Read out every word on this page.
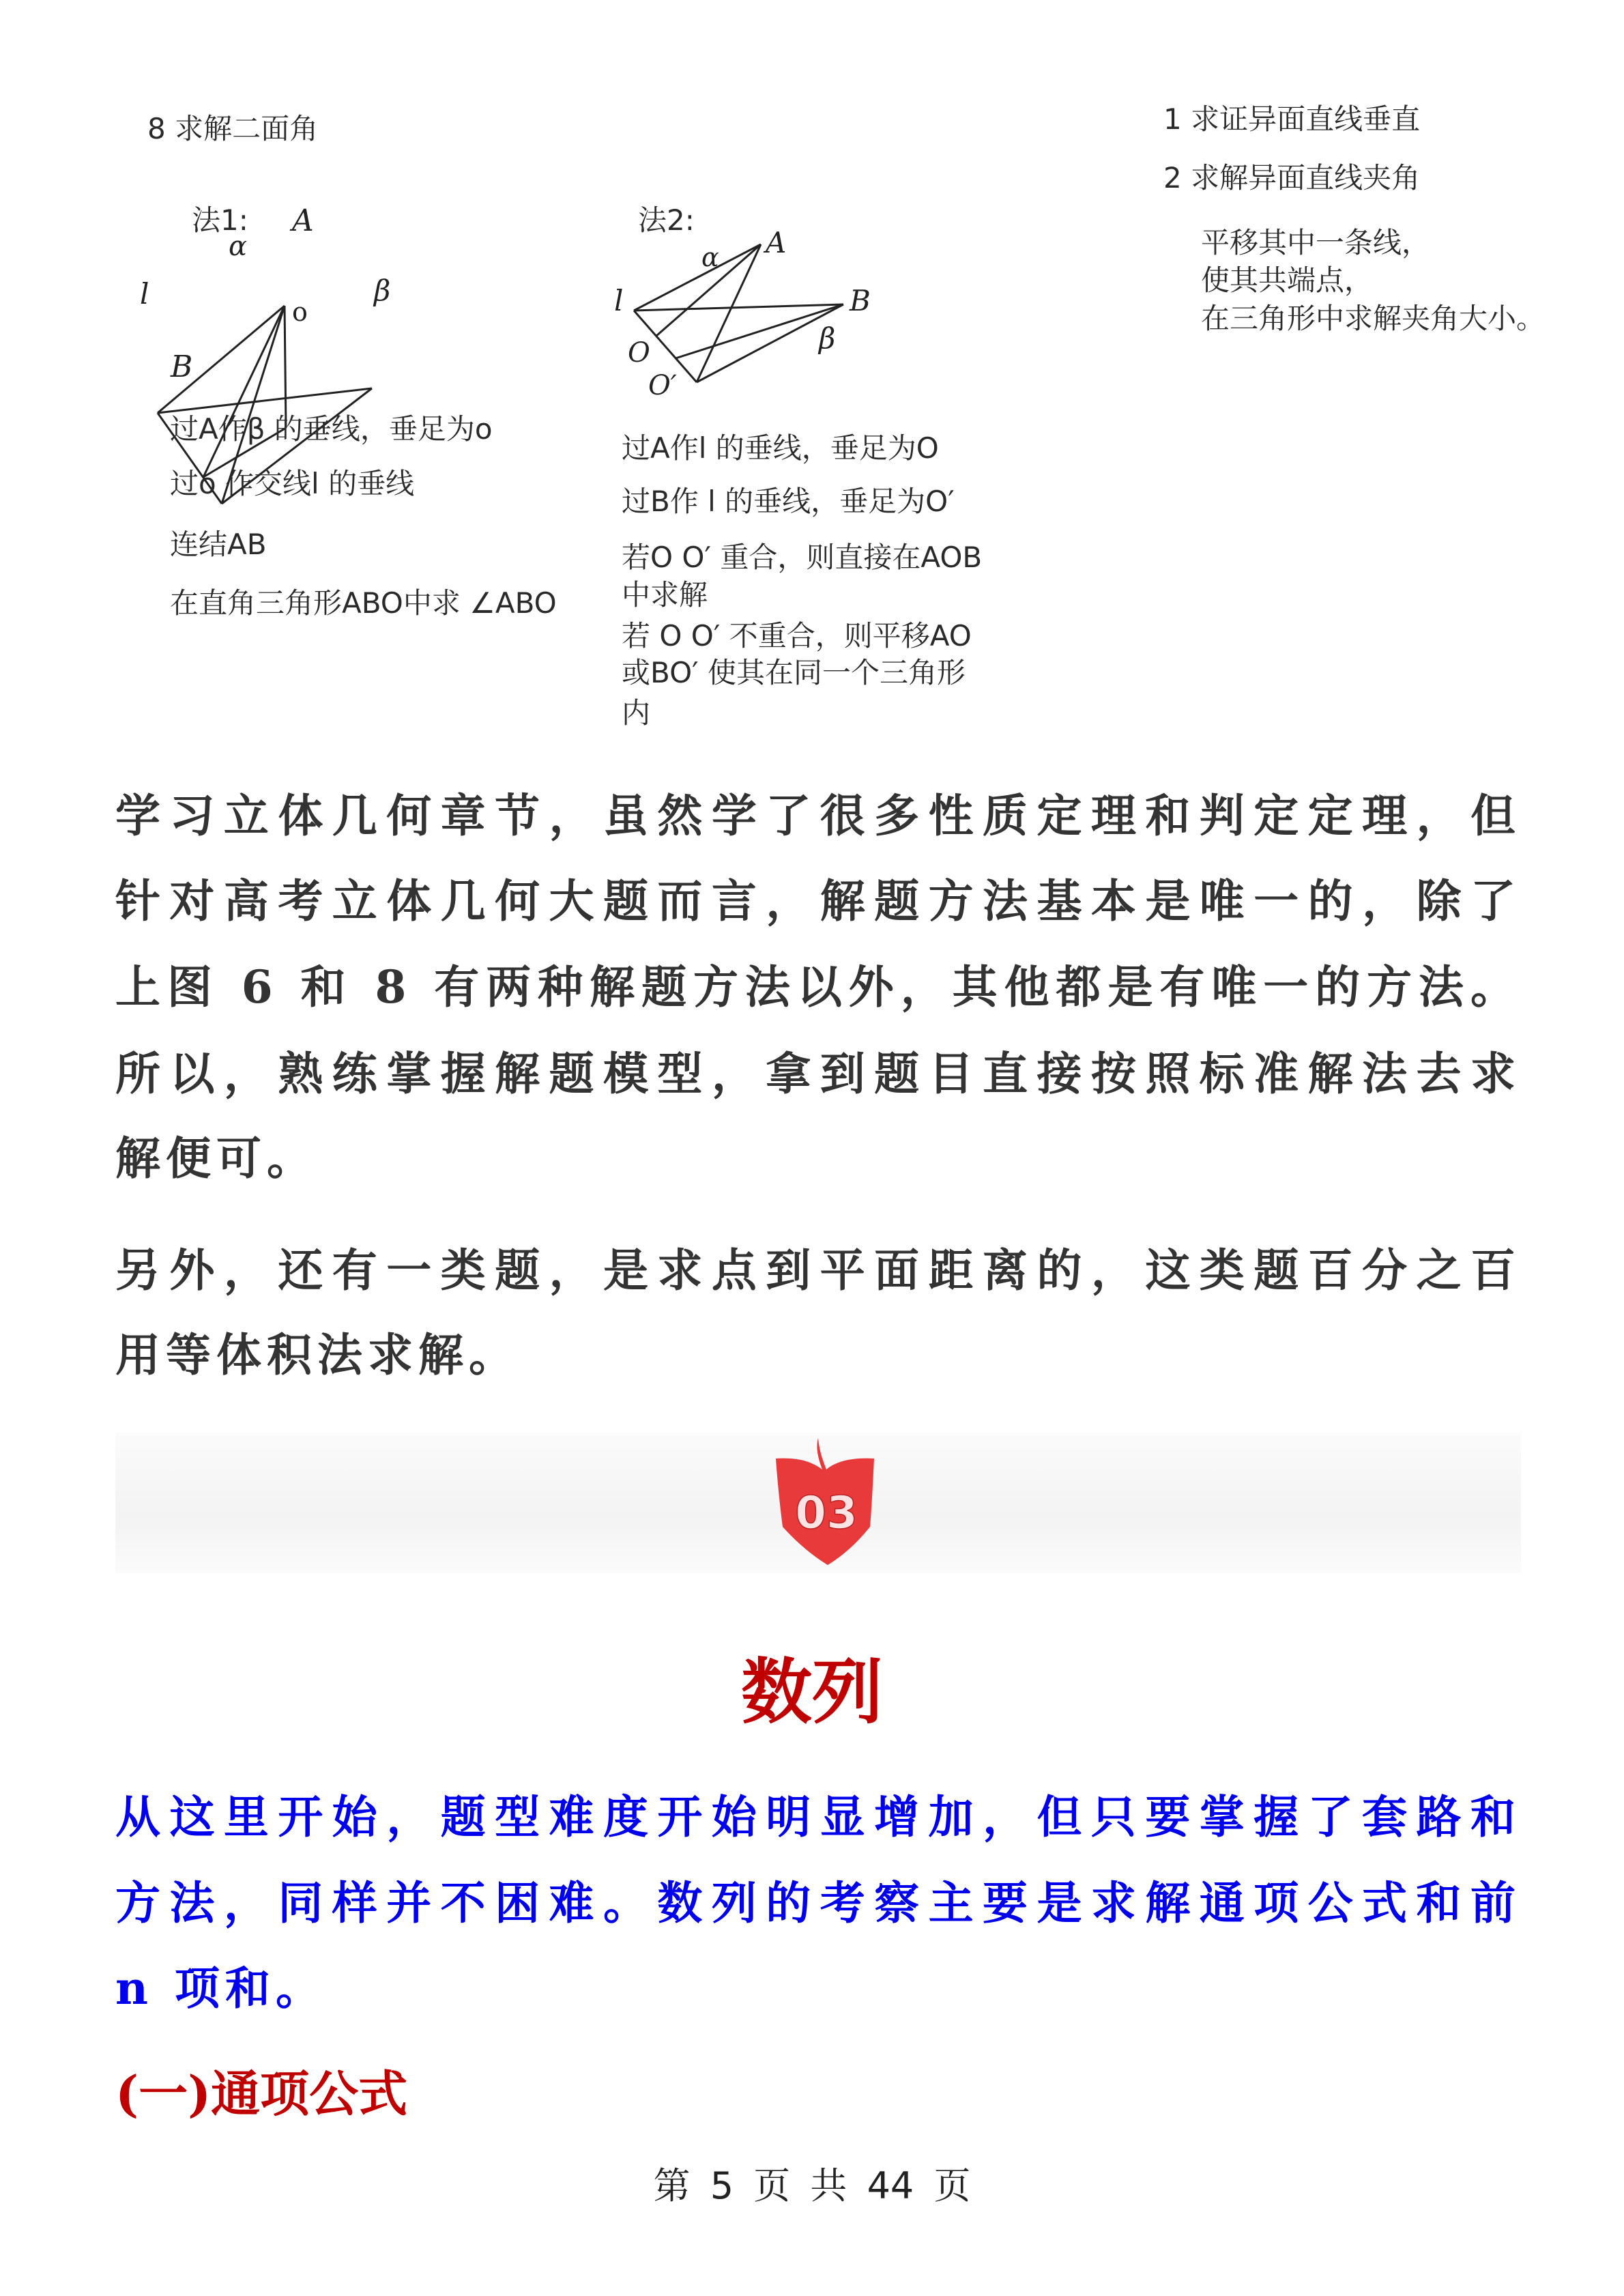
8 求解二面角
法1: A
α
l	β
o
B
A
α
l	B
β
O
O′
过A作β 的垂线，垂足为o
过o 作交线l 的垂线
连结AB
在直角三角形ABO中求 ∠ABO
法2:
过A作l 的垂线，垂足为O
过B作 l 的垂线，垂足为O′
若O O′ 重合，则直接在AOB
中求解
若 O O′ 不重合，则平移AO
或BO′ 使其在同一个三角形
内
1 求证异面直线垂直
2 求解异面直线夹角
平移其中一条线，
使其共端点，
在三角形中求解夹角大小。
学习立体几何章节，虽然学了很多性质定理和判定定理，但
针对高考立体几何大题而言，解题方法基本是唯一的，除了
上图 6 和 8 有两种解题方法以外，其他都是有唯一的方法。
所以，熟练掌握解题模型，拿到题目直接按照标准解法去求
解便可。
另外，还有一类题，是求点到平面距离的，这类题百分之百
用等体积法求解。
03
数列
从这里开始，题型难度开始明显增加，但只要掌握了套路和
方法，同样并不困难。数列的考察主要是求解通项公式和前
n 项和。
(一)通项公式
第 5 页 共 44 页
